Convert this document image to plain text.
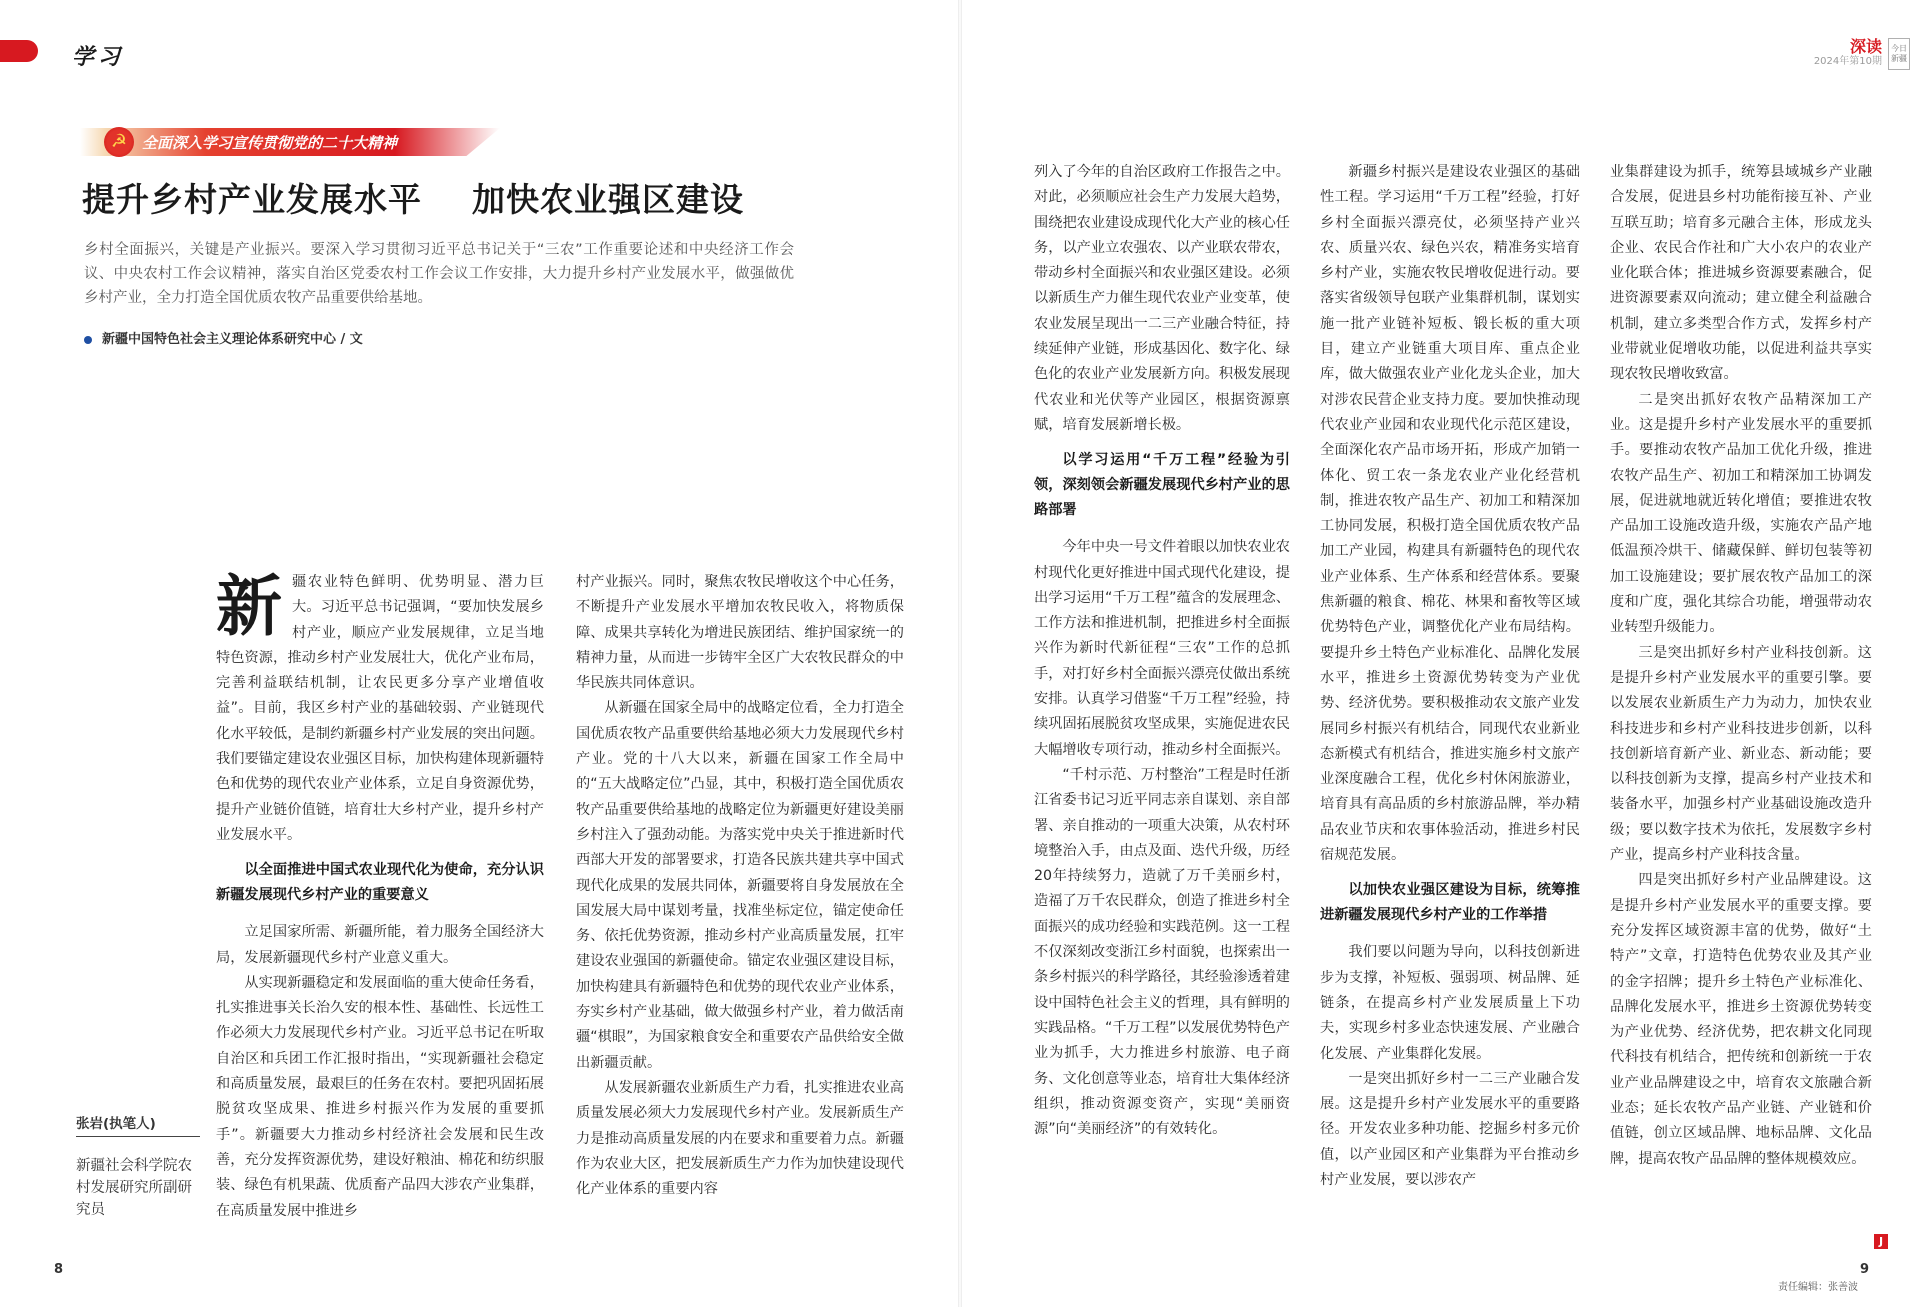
学习
☭ 全面深入学习宣传贯彻党的二十大精神
提升乡村产业发展水平    加快农业强区建设
乡村全面振兴，关键是产业振兴。要深入学习贯彻习近平总书记关于“三农”工作重要论述和中央经济工作会议、中央农村工作会议精神，落实自治区党委农村工作会议工作安排，大力提升乡村产业发展水平，做强做优乡村产业，全力打造全国优质农牧产品重要供给基地。
新疆中国特色社会主义理论体系研究中心 / 文
张岩(执笔人)
新疆社会科学院农村发展研究所副研究员
新 疆农业特色鲜明、优势明显、潜力巨大。习近平总书记强调，“要加快发展乡村产业，顺应产业发展规律，立足当地特色资源，推动乡村产业发展壮大，优化产业布局，完善利益联结机制，让农民更多分享产业增值收益”。目前，我区乡村产业的基础较弱、产业链现代化水平较低，是制约新疆乡村产业发展的突出问题。我们要锚定建设农业强区目标，加快构建体现新疆特色和优势的现代农业产业体系，立足自身资源优势，提升产业链价值链，培育壮大乡村产业，提升乡村产业发展水平。

以全面推进中国式农业现代化为使命，充分认识新疆发展现代乡村产业的重要意义

立足国家所需、新疆所能，着力服务全国经济大局，发展新疆现代乡村产业意义重大。

从实现新疆稳定和发展面临的重大使命任务看，扎实推进事关长治久安的根本性、基础性、长远性工作必须大力发展现代乡村产业。习近平总书记在听取自治区和兵团工作汇报时指出，“实现新疆社会稳定和高质量发展，最艰巨的任务在农村。要把巩固拓展脱贫攻坚成果、推进乡村振兴作为发展的重要抓手”。新疆要大力推动乡村经济社会发展和民生改善，充分发挥资源优势，建设好粮油、棉花和纺织服装、绿色有机果蔬、优质畜产品四大涉农产业集群，在高质量发展中推进乡

村产业振兴。同时，聚焦农牧民增收这个中心任务，不断提升产业发展水平增加农牧民收入，将物质保障、成果共享转化为增进民族团结、维护国家统一的精神力量，从而进一步铸牢全区广大农牧民群众的中华民族共同体意识。

从新疆在国家全局中的战略定位看，全力打造全国优质农牧产品重要供给基地必须大力发展现代乡村产业。党的十八大以来，新疆在国家工作全局中的“五大战略定位”凸显，其中，积极打造全国优质农牧产品重要供给基地的战略定位为新疆更好建设美丽乡村注入了强劲动能。为落实党中央关于推进新时代西部大开发的部署要求，打造各民族共建共享中国式现代化成果的发展共同体，新疆要将自身发展放在全国发展大局中谋划考量，找准坐标定位，锚定使命任务、依托优势资源，推动乡村产业高质量发展，扛牢建设农业强国的新疆使命。锚定农业强区建设目标，加快构建具有新疆特色和优势的现代农业产业体系，夯实乡村产业基础，做大做强乡村产业，着力做活南疆“棋眼”，为国家粮食安全和重要农产品供给安全做出新疆贡献。

从发展新疆农业新质生产力看，扎实推进农业高质量发展必须大力发展现代乡村产业。发展新质生产力是推动高质量发展的内在要求和重要着力点。新疆作为农业大区，把发展新质生产力作为加快建设现代化产业体系的重要内容

8
深读
2024年第10期
今日
新疆

列入了今年的自治区政府工作报告之中。对此，必须顺应社会生产力发展大趋势，围绕把农业建设成现代化大产业的核心任务，以产业立农强农、以产业联农带农，带动乡村全面振兴和农业强区建设。必须以新质生产力催生现代农业产业变革，使农业发展呈现出一二三产业融合特征，持续延伸产业链，形成基因化、数字化、绿色化的农业产业发展新方向。积极发展现代农业和光伏等产业园区，根据资源禀赋，培育发展新增长极。

以学习运用“千万工程”经验为引领，深刻领会新疆发展现代乡村产业的思路部署

今年中央一号文件着眼以加快农业农村现代化更好推进中国式现代化建设，提出学习运用“千万工程”蕴含的发展理念、工作方法和推进机制，把推进乡村全面振兴作为新时代新征程“三农”工作的总抓手，对打好乡村全面振兴漂亮仗做出系统安排。认真学习借鉴“千万工程”经验，持续巩固拓展脱贫攻坚成果，实施促进农民大幅增收专项行动，推动乡村全面振兴。

“千村示范、万村整治”工程是时任浙江省委书记习近平同志亲自谋划、亲自部署、亲自推动的一项重大决策，从农村环境整治入手，由点及面、迭代升级，历经20年持续努力，造就了万千美丽乡村，造福了万千农民群众，创造了推进乡村全面振兴的成功经验和实践范例。这一工程不仅深刻改变浙江乡村面貌，也探索出一条乡村振兴的科学路径，其经验渗透着建设中国特色社会主义的哲理，具有鲜明的实践品格。“千万工程”以发展优势特色产业为抓手，大力推进乡村旅游、电子商务、文化创意等业态，培育壮大集体经济组织，推动资源变资产，实现“美丽资源”向“美丽经济”的有效转化。

新疆乡村振兴是建设农业强区的基础性工程。学习运用“千万工程”经验，打好乡村全面振兴漂亮仗，必须坚持产业兴农、质量兴农、绿色兴农，精准务实培育乡村产业，实施农牧民增收促进行动。要落实省级领导包联产业集群机制，谋划实施一批产业链补短板、锻长板的重大项目，建立产业链重大项目库、重点企业库，做大做强农业产业化龙头企业，加大对涉农民营企业支持力度。要加快推动现代农业产业园和农业现代化示范区建设，全面深化农产品市场开拓，形成产加销一体化、贸工农一条龙农业产业化经营机制，推进农牧产品生产、初加工和精深加工协同发展，积极打造全国优质农牧产品加工产业园，构建具有新疆特色的现代农业产业体系、生产体系和经营体系。要聚焦新疆的粮食、棉花、林果和畜牧等区域优势特色产业，调整优化产业布局结构。要提升乡土特色产业标准化、品牌化发展水平，推进乡土资源优势转变为产业优势、经济优势。要积极推动农文旅产业发展同乡村振兴有机结合，同现代农业新业态新模式有机结合，推进实施乡村文旅产业深度融合工程，优化乡村休闲旅游业，培育具有高品质的乡村旅游品牌，举办精品农业节庆和农事体验活动，推进乡村民宿规范发展。

以加快农业强区建设为目标，统筹推进新疆发展现代乡村产业的工作举措

我们要以问题为导向，以科技创新进步为支撑，补短板、强弱项、树品牌、延链条，在提高乡村产业发展质量上下功夫，实现乡村多业态快速发展、产业融合化发展、产业集群化发展。

一是突出抓好乡村一二三产业融合发展。这是提升乡村产业发展水平的重要路径。开发农业多种功能、挖掘乡村多元价值，以产业园区和产业集群为平台推动乡村产业发展，要以涉农产

业集群建设为抓手，统筹县域城乡产业融合发展，促进县乡村功能衔接互补、产业互联互助；培育多元融合主体，形成龙头企业、农民合作社和广大小农户的农业产业化联合体；推进城乡资源要素融合，促进资源要素双向流动；建立健全利益融合机制，建立多类型合作方式，发挥乡村产业带就业促增收功能，以促进利益共享实现农牧民增收致富。

二是突出抓好农牧产品精深加工产业。这是提升乡村产业发展水平的重要抓手。要推动农牧产品加工优化升级，推进农牧产品生产、初加工和精深加工协调发展，促进就地就近转化增值；要推进农牧产品加工设施改造升级，实施农产品产地低温预冷烘干、储藏保鲜、鲜切包装等初加工设施建设；要扩展农牧产品加工的深度和广度，强化其综合功能，增强带动农业转型升级能力。

三是突出抓好乡村产业科技创新。这是提升乡村产业发展水平的重要引擎。要以发展农业新质生产力为动力，加快农业科技进步和乡村产业科技进步创新，以科技创新培育新产业、新业态、新动能；要以科技创新为支撑，提高乡村产业技术和装备水平，加强乡村产业基础设施改造升级；要以数字技术为依托，发展数字乡村产业，提高乡村产业科技含量。

四是突出抓好乡村产业品牌建设。这是提升乡村产业发展水平的重要支撑。要充分发挥区域资源丰富的优势，做好“土特产”文章，打造特色优势农业及其产业的金字招牌；提升乡土特色产业标准化、品牌化发展水平，推进乡土资源优势转变为产业优势、经济优势，把农耕文化同现代科技有机结合，把传统和创新统一于农业产业品牌建设之中，培育农文旅融合新业态；延长农牧产品产业链、产业链和价值链，创立区域品牌、地标品牌、文化品牌，提高农牧产品品牌的整体规模效应。

J
责任编辑：张善波
9
